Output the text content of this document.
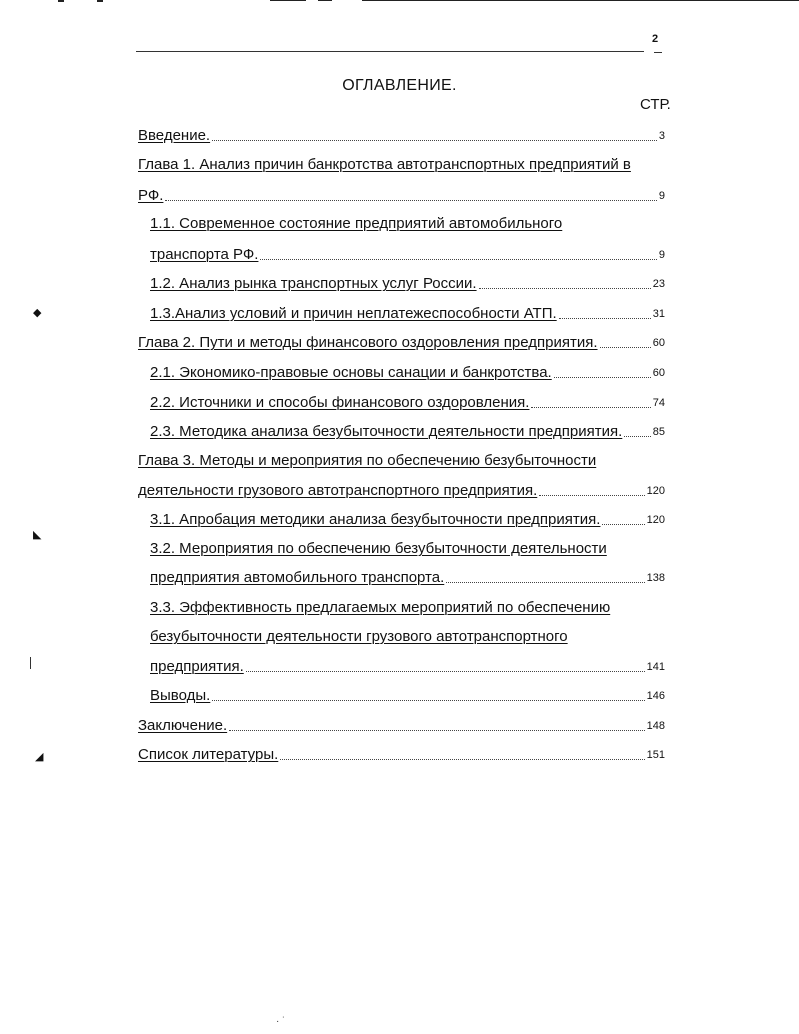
2
ОГЛАВЛЕНИЕ.
СТР.
Введение.	3
Глава 1. Анализ причин банкротства автотранспортных предприятий в
РФ.	9
1.1. Современное состояние предприятий автомобильного
транспорта РФ.	9
1.2. Анализ рынка транспортных услуг России.	23
1.3.Анализ условий и причин неплатежеспособности АТП.	31
Глава 2. Пути и методы финансового оздоровления предприятия.	60
2.1. Экономико-правовые основы санации и банкротства.	60
2.2. Источники и способы финансового оздоровления.	74
2.3. Методика анализа безубыточности деятельности предприятия.	85
Глава 3. Методы и мероприятия по обеспечению безубыточности
деятельности грузового автотранспортного предприятия.	120
3.1. Апробация методики анализа безубыточности предприятия.	120
3.2. Мероприятия по обеспечению безубыточности деятельности
предприятия автомобильного транспорта.	138
3.3. Эффективность предлагаемых мероприятий по обеспечению
безубыточности деятельности грузового автотранспортного
предприятия.	141
Выводы.	146
Заключение.	148
Список литературы.	151
◆
◣
◢
· ˙
